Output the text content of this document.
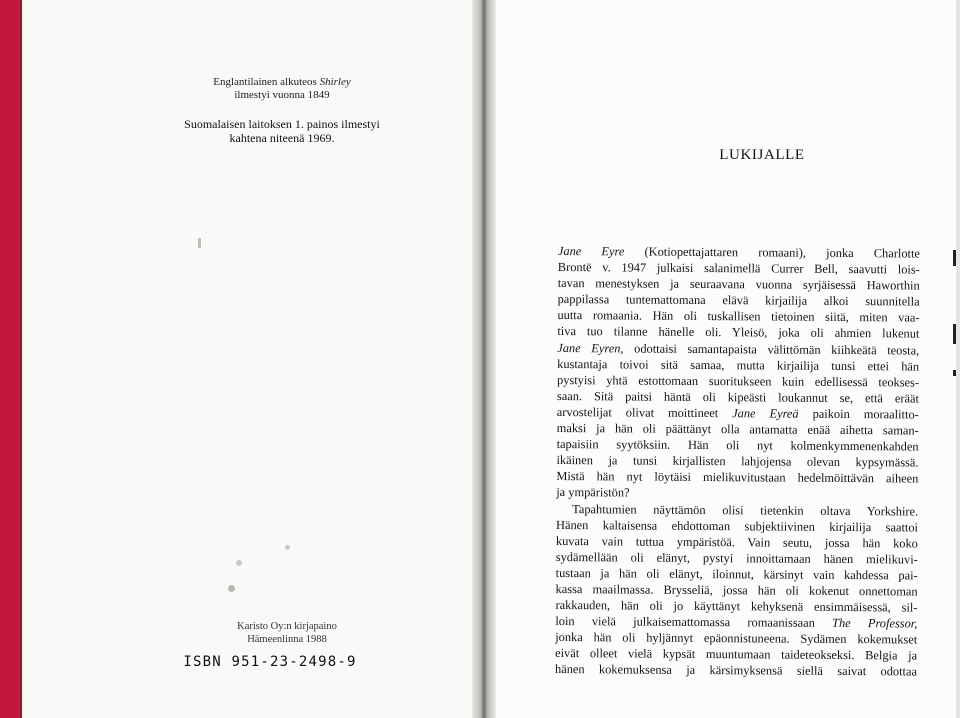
Englantilainen alkuteos Shirley
ilmestyi vuonna 1849
Suomalaisen laitoksen 1. painos ilmestyi
kahtena niteenä 1969.
Karisto Oy:n kirjapaino
Hämeenlinna 1988
ISBN 951-23-2498-9
LUKIJALLE
Jane Eyre (Kotiopettajattaren romaani), jonka Charlotte
Brontë v. 1947 julkaisi salanimellä Currer Bell, saavutti lois-
tavan menestyksen ja seuraavana vuonna syrjäisessä Haworthin
pappilassa tuntemattomana elävä kirjailija alkoi suunnitella
uutta romaania. Hän oli tuskallisen tietoinen siitä, miten vaa-
tiva tuo tilanne hänelle oli. Yleisö, joka oli ahmien lukenut
Jane Eyren, odottaisi samantapaista välittömän kiihkeätä teosta,
kustantaja toivoi sitä samaa, mutta kirjailija tunsi ettei hän
pystyisi yhtä estottomaan suoritukseen kuin edellisessä teokses-
saan. Sitä paitsi häntä oli kipeästi loukannut se, että eräät
arvostelijat olivat moittineet Jane Eyreä paikoin moraalitto-
maksi ja hän oli päättänyt olla antamatta enää aihetta saman-
tapaisiin syytöksiin. Hän oli nyt kolmenkymmenenkahden
ikäinen ja tunsi kirjallisten lahjojensa olevan kypsymässä.
Mistä hän nyt löytäisi mielikuvitustaan hedelmöittävän aiheen
ja ympäristön?
Tapahtumien näyttämön olisi tietenkin oltava Yorkshire.
Hänen kaltaisensa ehdottoman subjektiivinen kirjailija saattoi
kuvata vain tuttua ympäristöä. Vain seutu, jossa hän koko
sydämellään oli elänyt, pystyi innoittamaan hänen mielikuvi-
tustaan ja hän oli elänyt, iloinnut, kärsinyt vain kahdessa pai-
kassa maailmassa. Brysseliä, jossa hän oli kokenut onnettoman
rakkauden, hän oli jo käyttänyt kehyksenä ensimmäisessä, sil-
loin vielä julkaisemattomassa romaanissaan The Professor,
jonka hän oli hyljännyt epäonnistuneena. Sydämen kokemukset
eivät olleet vielä kypsät muuntumaan taideteokseksi. Belgia ja
hänen kokemuksensa ja kärsimyksensä siellä saivat odottaa
